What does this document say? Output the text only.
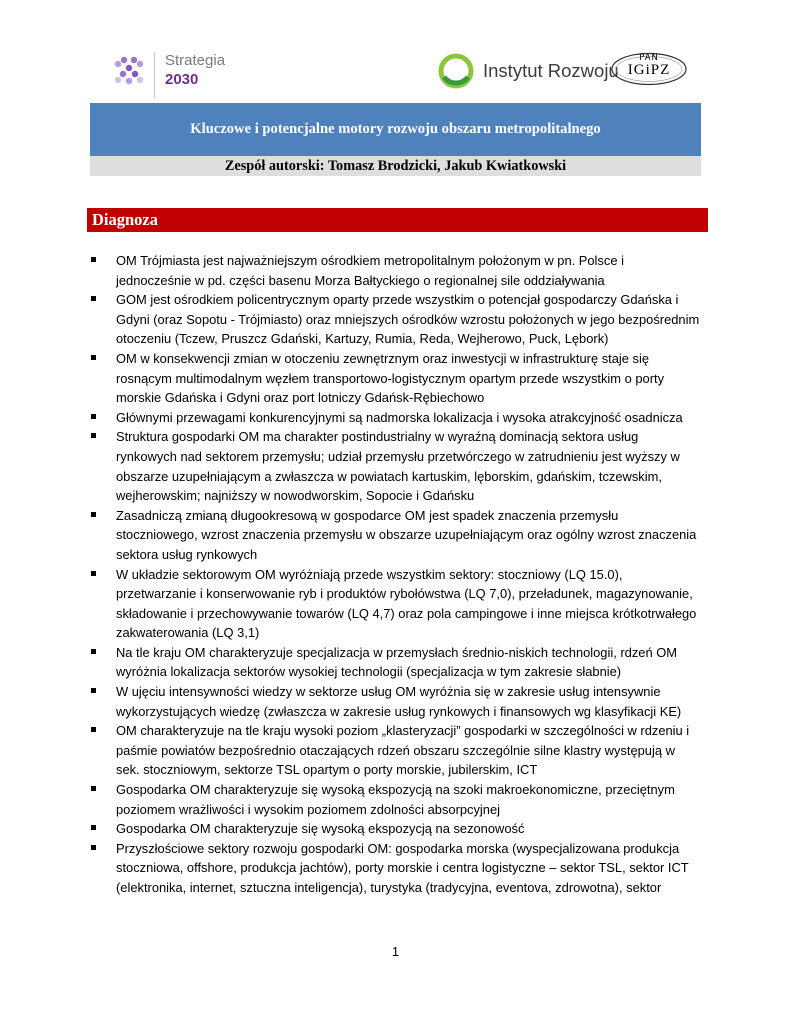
Strategia
2030	Instytut Rozwoju
PAN
IGiPZ
Kluczowe i potencjalne motory rozwoju obszaru metropolitalnego
Zespół autorski: Tomasz Brodzicki, Jakub Kwiatkowski
Diagnoza
OM Trójmiasta jest najważniejszym ośrodkiem metropolitalnym położonym w pn. Polsce i jednocześnie w pd. części basenu Morza Bałtyckiego o regionalnej sile oddziaływania
GOM jest ośrodkiem policentrycznym oparty przede wszystkim o potencjał gospodarczy Gdańska i Gdyni (oraz Sopotu - Trójmiasto) oraz mniejszych ośrodków wzrostu położonych w jego bezpośrednim otoczeniu (Tczew, Pruszcz Gdański, Kartuzy, Rumia, Reda, Wejherowo, Puck, Lębork)
OM w konsekwencji zmian w otoczeniu zewnętrznym oraz inwestycji w infrastrukturę staje się rosnącym multimodalnym węzłem transportowo-logistycznym opartym przede wszystkim o porty morskie Gdańska i Gdyni oraz port lotniczy Gdańsk-Rębiechowo
Głównymi przewagami konkurencyjnymi są nadmorska lokalizacja i wysoka atrakcyjność osadnicza
Struktura gospodarki OM ma charakter postindustrialny w wyraźną dominacją sektora usług rynkowych nad sektorem przemysłu; udział przemysłu przetwórczego w zatrudnieniu jest wyższy w obszarze uzupełniającym a zwłaszcza w powiatach kartuskim, lęborskim, gdańskim, tczewskim, wejherowskim; najniższy w nowodworskim, Sopocie i Gdańsku
Zasadniczą zmianą długookresową w gospodarce OM jest spadek znaczenia przemysłu stoczniowego, wzrost znaczenia przemysłu w obszarze uzupełniającym oraz ogólny wzrost znaczenia sektora usług rynkowych
W układzie sektorowym OM wyróżniają przede wszystkim sektory: stoczniowy (LQ 15.0), przetwarzanie i konserwowanie ryb i produktów rybołówstwa (LQ 7,0), przeładunek, magazynowanie, składowanie i przechowywanie towarów (LQ 4,7) oraz pola campingowe i inne miejsca krótkotrwałego zakwaterowania (LQ 3,1)
Na tle kraju OM charakteryzuje specjalizacja w przemysłach średnio-niskich technologii, rdzeń OM wyróżnia lokalizacja sektorów wysokiej technologii (specjalizacja w tym zakresie słabnie)
W ujęciu intensywności wiedzy w sektorze usług OM wyróżnia się w zakresie usług intensywnie wykorzystujących wiedzę (zwłaszcza w zakresie usług rynkowych i finansowych wg klasyfikacji KE)
OM charakteryzuje na tle kraju wysoki poziom „klasteryzacji” gospodarki w szczególności w rdzeniu i paśmie powiatów bezpośrednio otaczających rdzeń obszaru szczególnie silne klastry występują w sek. stoczniowym, sektorze TSL opartym o porty morskie, jubilerskim, ICT
Gospodarka OM charakteryzuje się wysoką ekspozycją na szoki makroekonomiczne, przeciętnym poziomem wrażliwości i wysokim poziomem zdolności absorpcyjnej
Gospodarka OM charakteryzuje się wysoką ekspozycją na sezonowość
Przyszłościowe sektory rozwoju gospodarki OM: gospodarka morska (wyspecjalizowana produkcja stoczniowa, offshore, produkcja jachtów), porty morskie i centra logistyczne – sektor TSL, sektor ICT (elektronika, internet, sztuczna inteligencja), turystyka (tradycyjna, eventova, zdrowotna), sektor
1
